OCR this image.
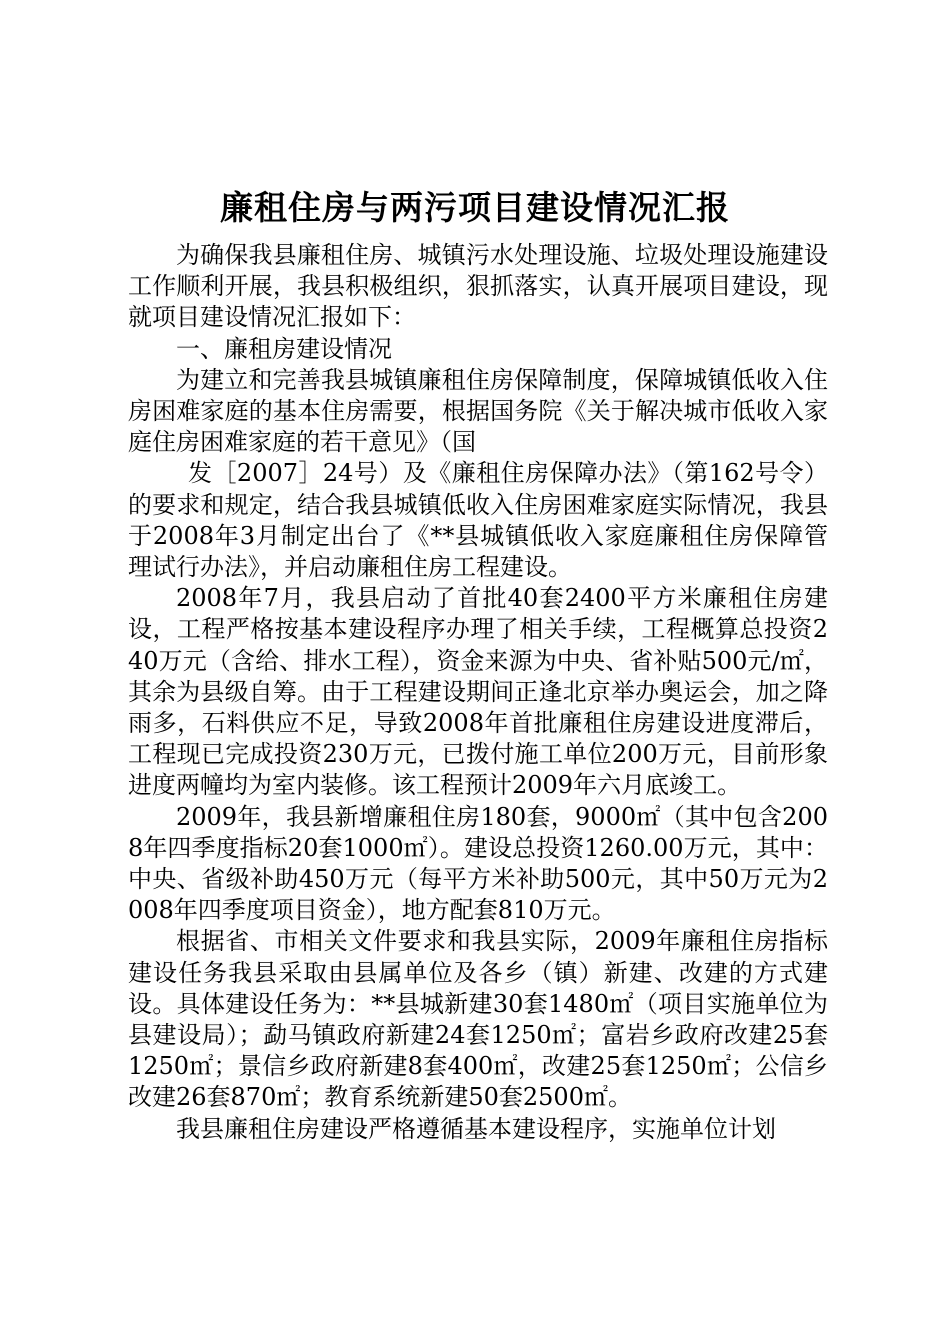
廉租住房与两污项目建设情况汇报

为确保我县廉租住房、城镇污水处理设施、垃圾处理设施建设工作顺利开展，我县积极组织，狠抓落实，认真开展项目建设，现就项目建设情况汇报如下：

一、廉租房建设情况

为建立和完善我县城镇廉租住房保障制度，保障城镇低收入住房困难家庭的基本住房需要，根据国务院《关于解决城市低收入家庭住房困难家庭的若干意见》（国

发［2007］24号）及《廉租住房保障办法》（第162号令）的要求和规定，结合我县城镇低收入住房困难家庭实际情况，我县于2008年3月制定出台了《**县城镇低收入家庭廉租住房保障管理试行办法》，并启动廉租住房工程建设。

2008年7月，我县启动了首批40套2400平方米廉租住房建设，工程严格按基本建设程序办理了相关手续，工程概算总投资240万元（含给、排水工程），资金来源为中央、省补贴500元/㎡，其余为县级自筹。由于工程建设期间正逢北京举办奥运会，加之降雨多，石料供应不足，导致2008年首批廉租住房建设进度滞后，工程现已完成投资230万元，已拨付施工单位200万元，目前形象进度两幢均为室内装修。该工程预计2009年六月底竣工。

2009年，我县新增廉租住房180套，9000㎡（其中包含2008年四季度指标20套1000㎡）。建设总投资1260.00万元，其中：中央、省级补助450万元（每平方米补助500元，其中50万元为2008年四季度项目资金），地方配套810万元。

根据省、市相关文件要求和我县实际，2009年廉租住房指标建设任务我县采取由县属单位及各乡（镇）新建、改建的方式建设。具体建设任务为：**县城新建30套1480㎡（项目实施单位为县建设局）；勐马镇政府新建24套1250㎡；富岩乡政府改建25套1250㎡；景信乡政府新建8套400㎡，改建25套1250㎡；公信乡改建26套870㎡；教育系统新建50套2500㎡。

我县廉租住房建设严格遵循基本建设程序，实施单位计划
